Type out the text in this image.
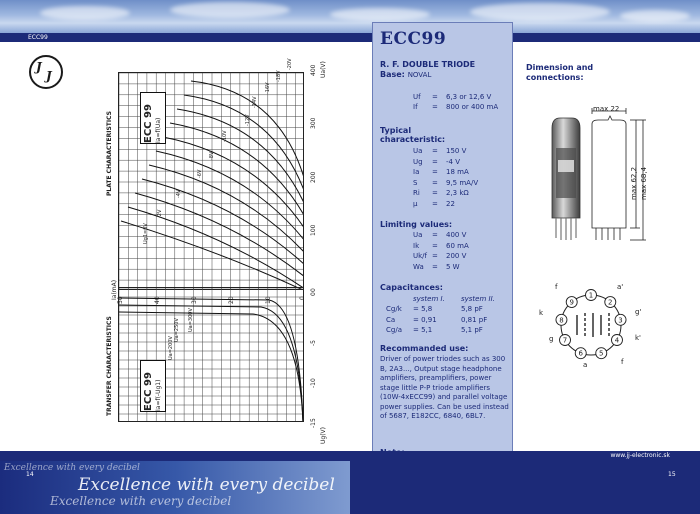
ECC99
J
J
PLATE CHARACTERISTICS
Ia(mA)
ECC 99 Ia=f(Ua)
Ug1=0V
-2V
-4V
-6V
-8V
-10V
-12V
-14V
-16V
-18V
-20V
400
300
200
100
0
Ua(V)
50	40	30	20	10	0
TRANSFER CHARACTERISTICS	ECC 99 Ia=f(-Ug1)
Ua=300V
Ua=250V
Ua=200V
0
-5
-10
-15
Ug(V)
ECC99
R. F. DOUBLE TRIODE
Base: NOVAL
Uf = 6,3 or 12,6 V
If = 800 or 400 mA
Typical characteristic:
Ua = 150 V
Ug = -4 V
Ia = 18 mA
S = 9,5 mA/V
Ri = 2,3 kΩ
µ = 22
Limiting values:
Ua = 400 V
Ik = 60 mA
Uk/f = 200 V
Wa = 5 W
Capacitances:
system I. system II.
Cg/k = 5,8	5,8 pF
Ca	= 0,91	0,81 pF
Cg/a = 5,1	5,1 pF
Recommanded use:
Driver of power triodes such as 300 B, 2A3..., Output stage headphone amplifiers, preamplifiers, power stage little P-P triode amplifiers (10W-4xECC99) and parallel voltage power supplies. Can be used instead of 5687, E182CC, 6840, 6BL7.
Dimension and connections:
max 22
max 62,2 max 68,4
1
2
3
4
5
6
7
8
9
a'
g'
k'
f
a
g
k
f
www.jj-electronic.sk
Excellence with every decibel
Excellence with every decibel
Excellence with every decibel
14	15
